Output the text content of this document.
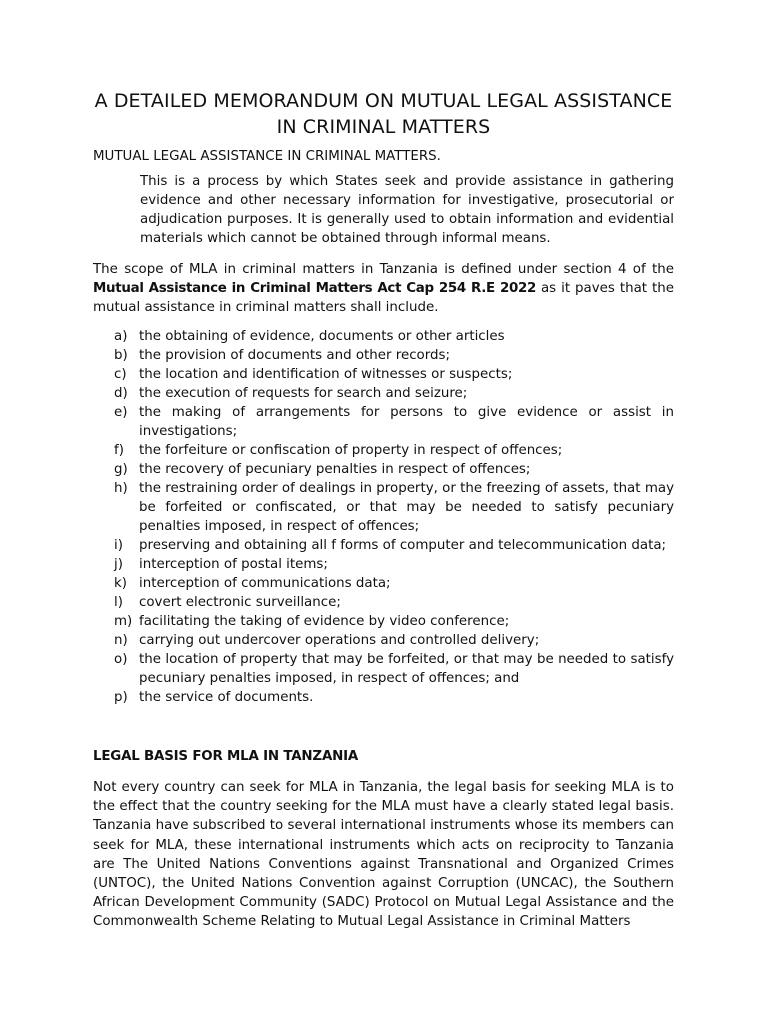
A DETAILED MEMORANDUM ON MUTUAL LEGAL ASSISTANCE IN CRIMINAL MATTERS

MUTUAL LEGAL ASSISTANCE IN CRIMINAL MATTERS.

This is a process by which States seek and provide assistance in gathering evidence and other necessary information for investigative, prosecutorial or adjudication purposes. It is generally used to obtain information and evidential materials which cannot be obtained through informal means.

The scope of MLA in criminal matters in Tanzania is defined under section 4 of the Mutual Assistance in Criminal Matters Act Cap 254 R.E 2022 as it paves that the mutual assistance in criminal matters shall include.

a) the obtaining of evidence, documents or other articles
b) the provision of documents and other records;
c) the location and identification of witnesses or suspects;
d) the execution of requests for search and seizure;
e) the making of arrangements for persons to give evidence or assist in investigations;
f) the forfeiture or confiscation of property in respect of offences;
g) the recovery of pecuniary penalties in respect of offences;
h) the restraining order of dealings in property, or the freezing of assets, that may be forfeited or confiscated, or that may be needed to satisfy pecuniary penalties imposed, in respect of offences;
i) preserving and obtaining all f forms of computer and telecommunication data;
j) interception of postal items;
k) interception of communications data;
l) covert electronic surveillance;
m) facilitating the taking of evidence by video conference;
n) carrying out undercover operations and controlled delivery;
o) the location of property that may be forfeited, or that may be needed to satisfy pecuniary penalties imposed, in respect of offences; and
p) the service of documents.

LEGAL BASIS FOR MLA IN TANZANIA

Not every country can seek for MLA in Tanzania, the legal basis for seeking MLA is to the effect that the country seeking for the MLA must have a clearly stated legal basis. Tanzania have subscribed to several international instruments whose its members can seek for MLA, these international instruments which acts on reciprocity to Tanzania are The United Nations Conventions against Transnational and Organized Crimes (UNTOC), the United Nations Convention against Corruption (UNCAC), the Southern African Development Community (SADC) Protocol on Mutual Legal Assistance and the Commonwealth Scheme Relating to Mutual Legal Assistance in Criminal Matters
